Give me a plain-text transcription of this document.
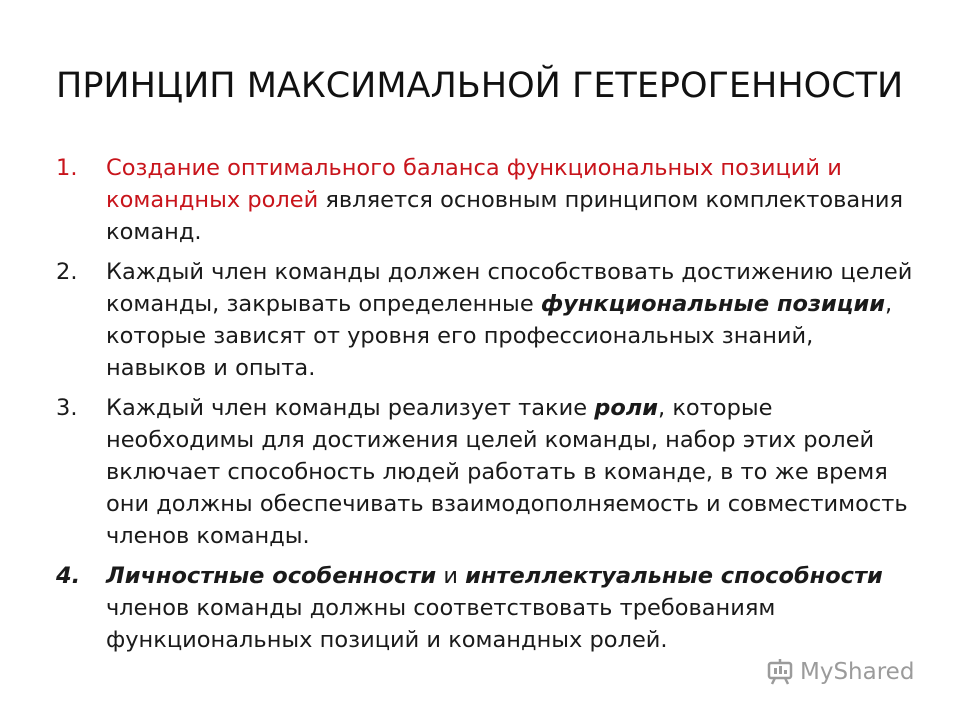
ПРИНЦИП МАКСИМАЛЬНОЙ ГЕТЕРОГЕННОСТИ
1.	Создание оптимального баланса функциональных позиций и командных ролей является основным принципом комплектования команд.
2.	Каждый член команды должен способствовать достижению целей команды, закрывать определенные функциональные позиции, которые зависят от уровня его профессиональных знаний, навыков и опыта.
3.	Каждый член команды реализует такие роли, которые необходимы для достижения целей команды, набор этих ролей включает способность людей работать в команде, в то же время они должны обеспечивать взаимодополняемость и совместимость членов команды.
4.	Личностные особенности и интеллектуальные способности членов команды должны соответствовать требованиям функциональных позиций и командных ролей.
MyShared
